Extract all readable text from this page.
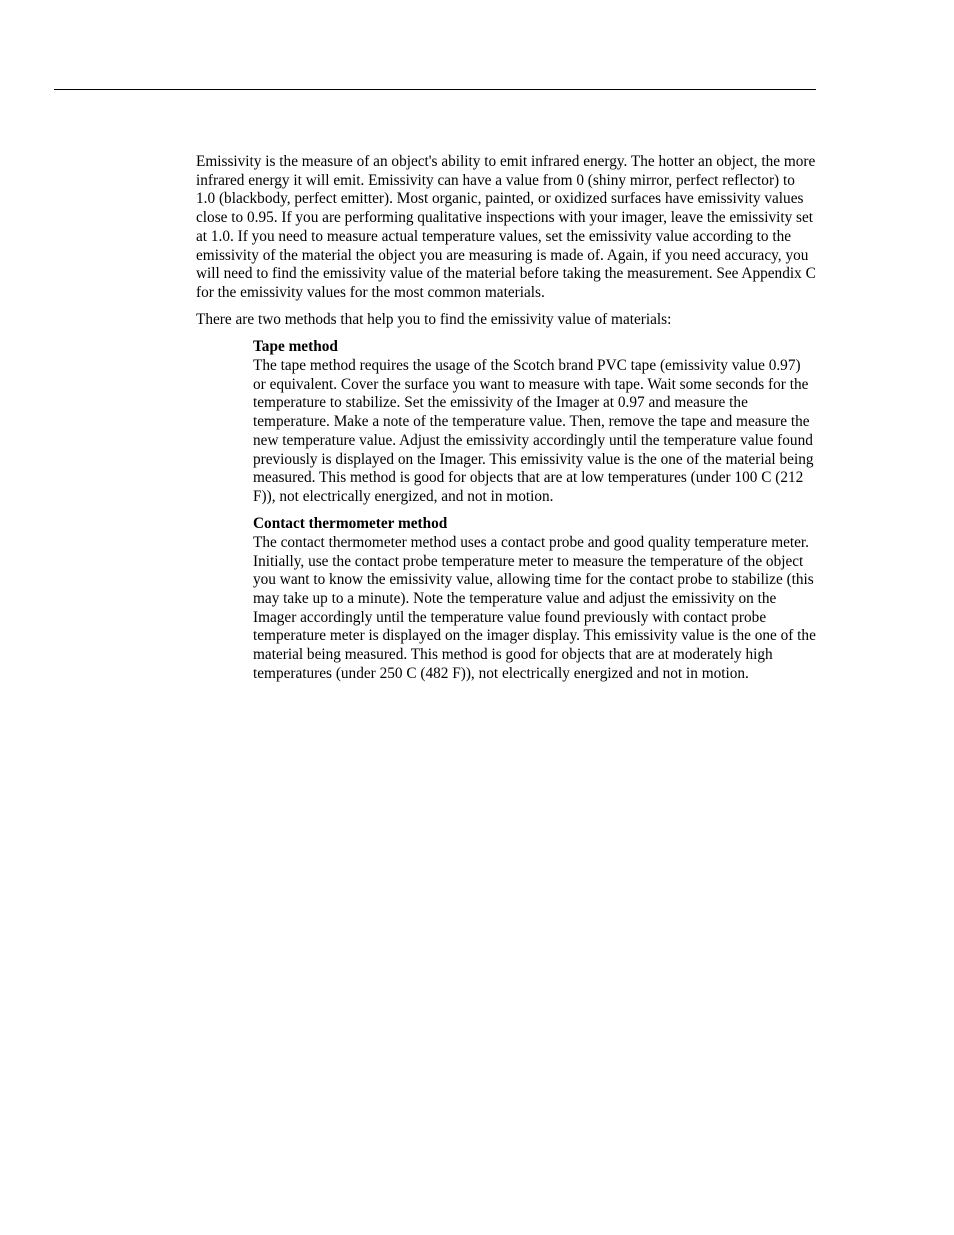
Emissivity is the measure of an object's ability to emit infrared energy. The hotter an object, the more infrared energy it will emit. Emissivity can have a value from 0 (shiny mirror, perfect reflector) to 1.0 (blackbody, perfect emitter). Most organic, painted, or oxidized surfaces have emissivity values close to 0.95. If you are performing qualitative inspections with your imager, leave the emissivity set at 1.0. If you need to measure actual temperature values, set the emissivity value according to the emissivity of the material the object you are measuring is made of. Again, if you need accuracy, you will need to find the emissivity value of the material before taking the measurement. See Appendix C for the emissivity values for the most common materials.

There are two methods that help you to find the emissivity value of materials:

Tape method

The tape method requires the usage of the Scotch brand PVC tape (emissivity value 0.97) or equivalent. Cover the surface you want to measure with tape. Wait some seconds for the temperature to stabilize. Set the emissivity of the Imager at 0.97 and measure the temperature. Make a note of the temperature value. Then, remove the tape and measure the new temperature value. Adjust the emissivity accordingly until the temperature value found previously is displayed on the Imager. This emissivity value is the one of the material being measured. This method is good for objects that are at low temperatures (under 100 C (212 F)), not electrically energized, and not in motion.

Contact thermometer method

The contact thermometer method uses a contact probe and good quality temperature meter. Initially, use the contact probe temperature meter to measure the temperature of the object you want to know the emissivity value, allowing time for the contact probe to stabilize (this may take up to a minute). Note the temperature value and adjust the emissivity on the Imager accordingly until the temperature value found previously with contact probe temperature meter is displayed on the imager display. This emissivity value is the one of the material being measured. This method is good for objects that are at moderately high temperatures (under 250 C (482 F)), not electrically energized and not in motion.
